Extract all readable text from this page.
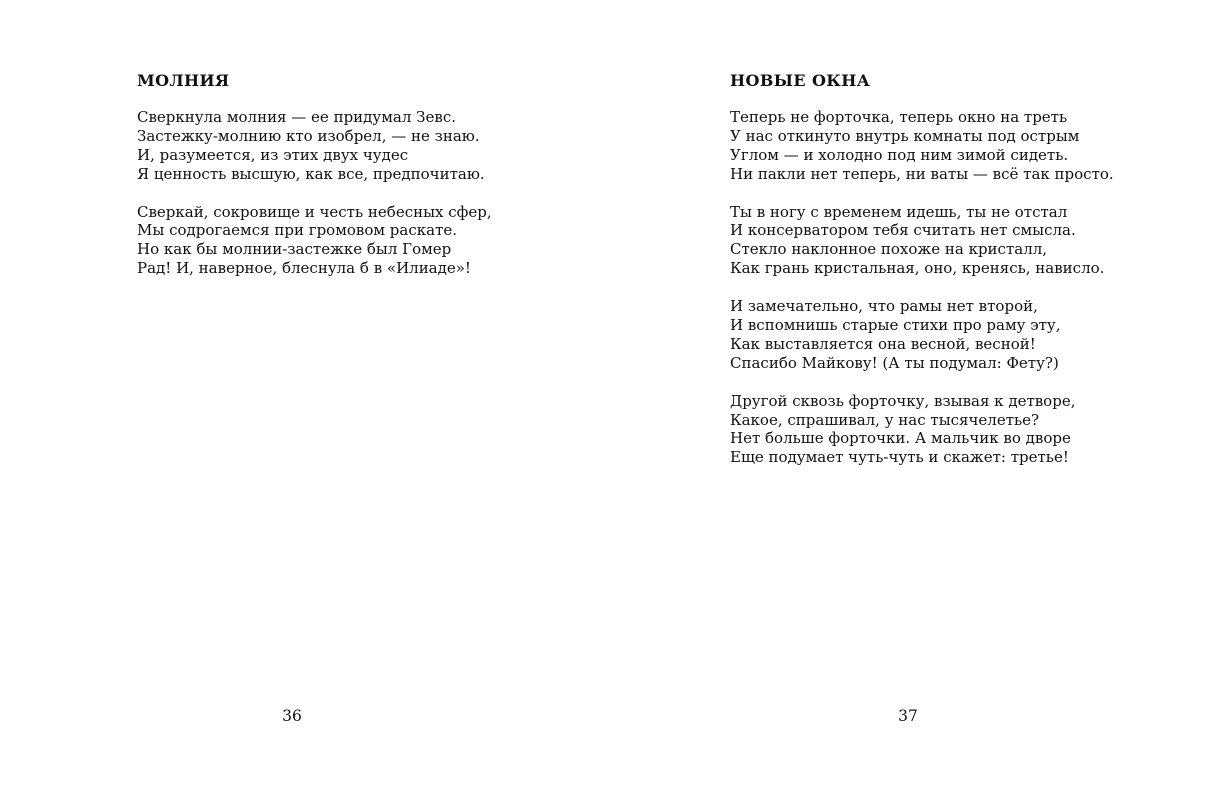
МОЛНИЯ
Сверкнула молния — ее придумал Зевс.
Застежку-молнию кто изобрел, — не знаю.
И, разумеется, из этих двух чудес
Я ценность высшую, как все, предпочитаю.
Сверкай, сокровище и честь небесных сфер,
Мы содрогаемся при громовом раскате.
Но как бы молнии-застежке был Гомер
Рад! И, наверное, блеснула б в «Илиаде»!
36
НОВЫЕ ОКНА
Теперь не форточка, теперь окно на треть
У нас откинуто внутрь комнаты под острым
Углом — и холодно под ним зимой сидеть.
Ни пакли нет теперь, ни ваты — всё так просто.
Ты в ногу с временем идешь, ты не отстал
И консерватором тебя считать нет смысла.
Стекло наклонное похоже на кристалл,
Как грань кристальная, оно, кренясь, нависло.
И замечательно, что рамы нет второй,
И вспомнишь старые стихи про раму эту,
Как выставляется она весной, весной!
Спасибо Майкову! (А ты подумал: Фету?)
Другой сквозь форточку, взывая к детворе,
Какое, спрашивал, у нас тысячелетье?
Нет больше форточки. А мальчик во дворе
Еще подумает чуть-чуть и скажет: третье!
37
